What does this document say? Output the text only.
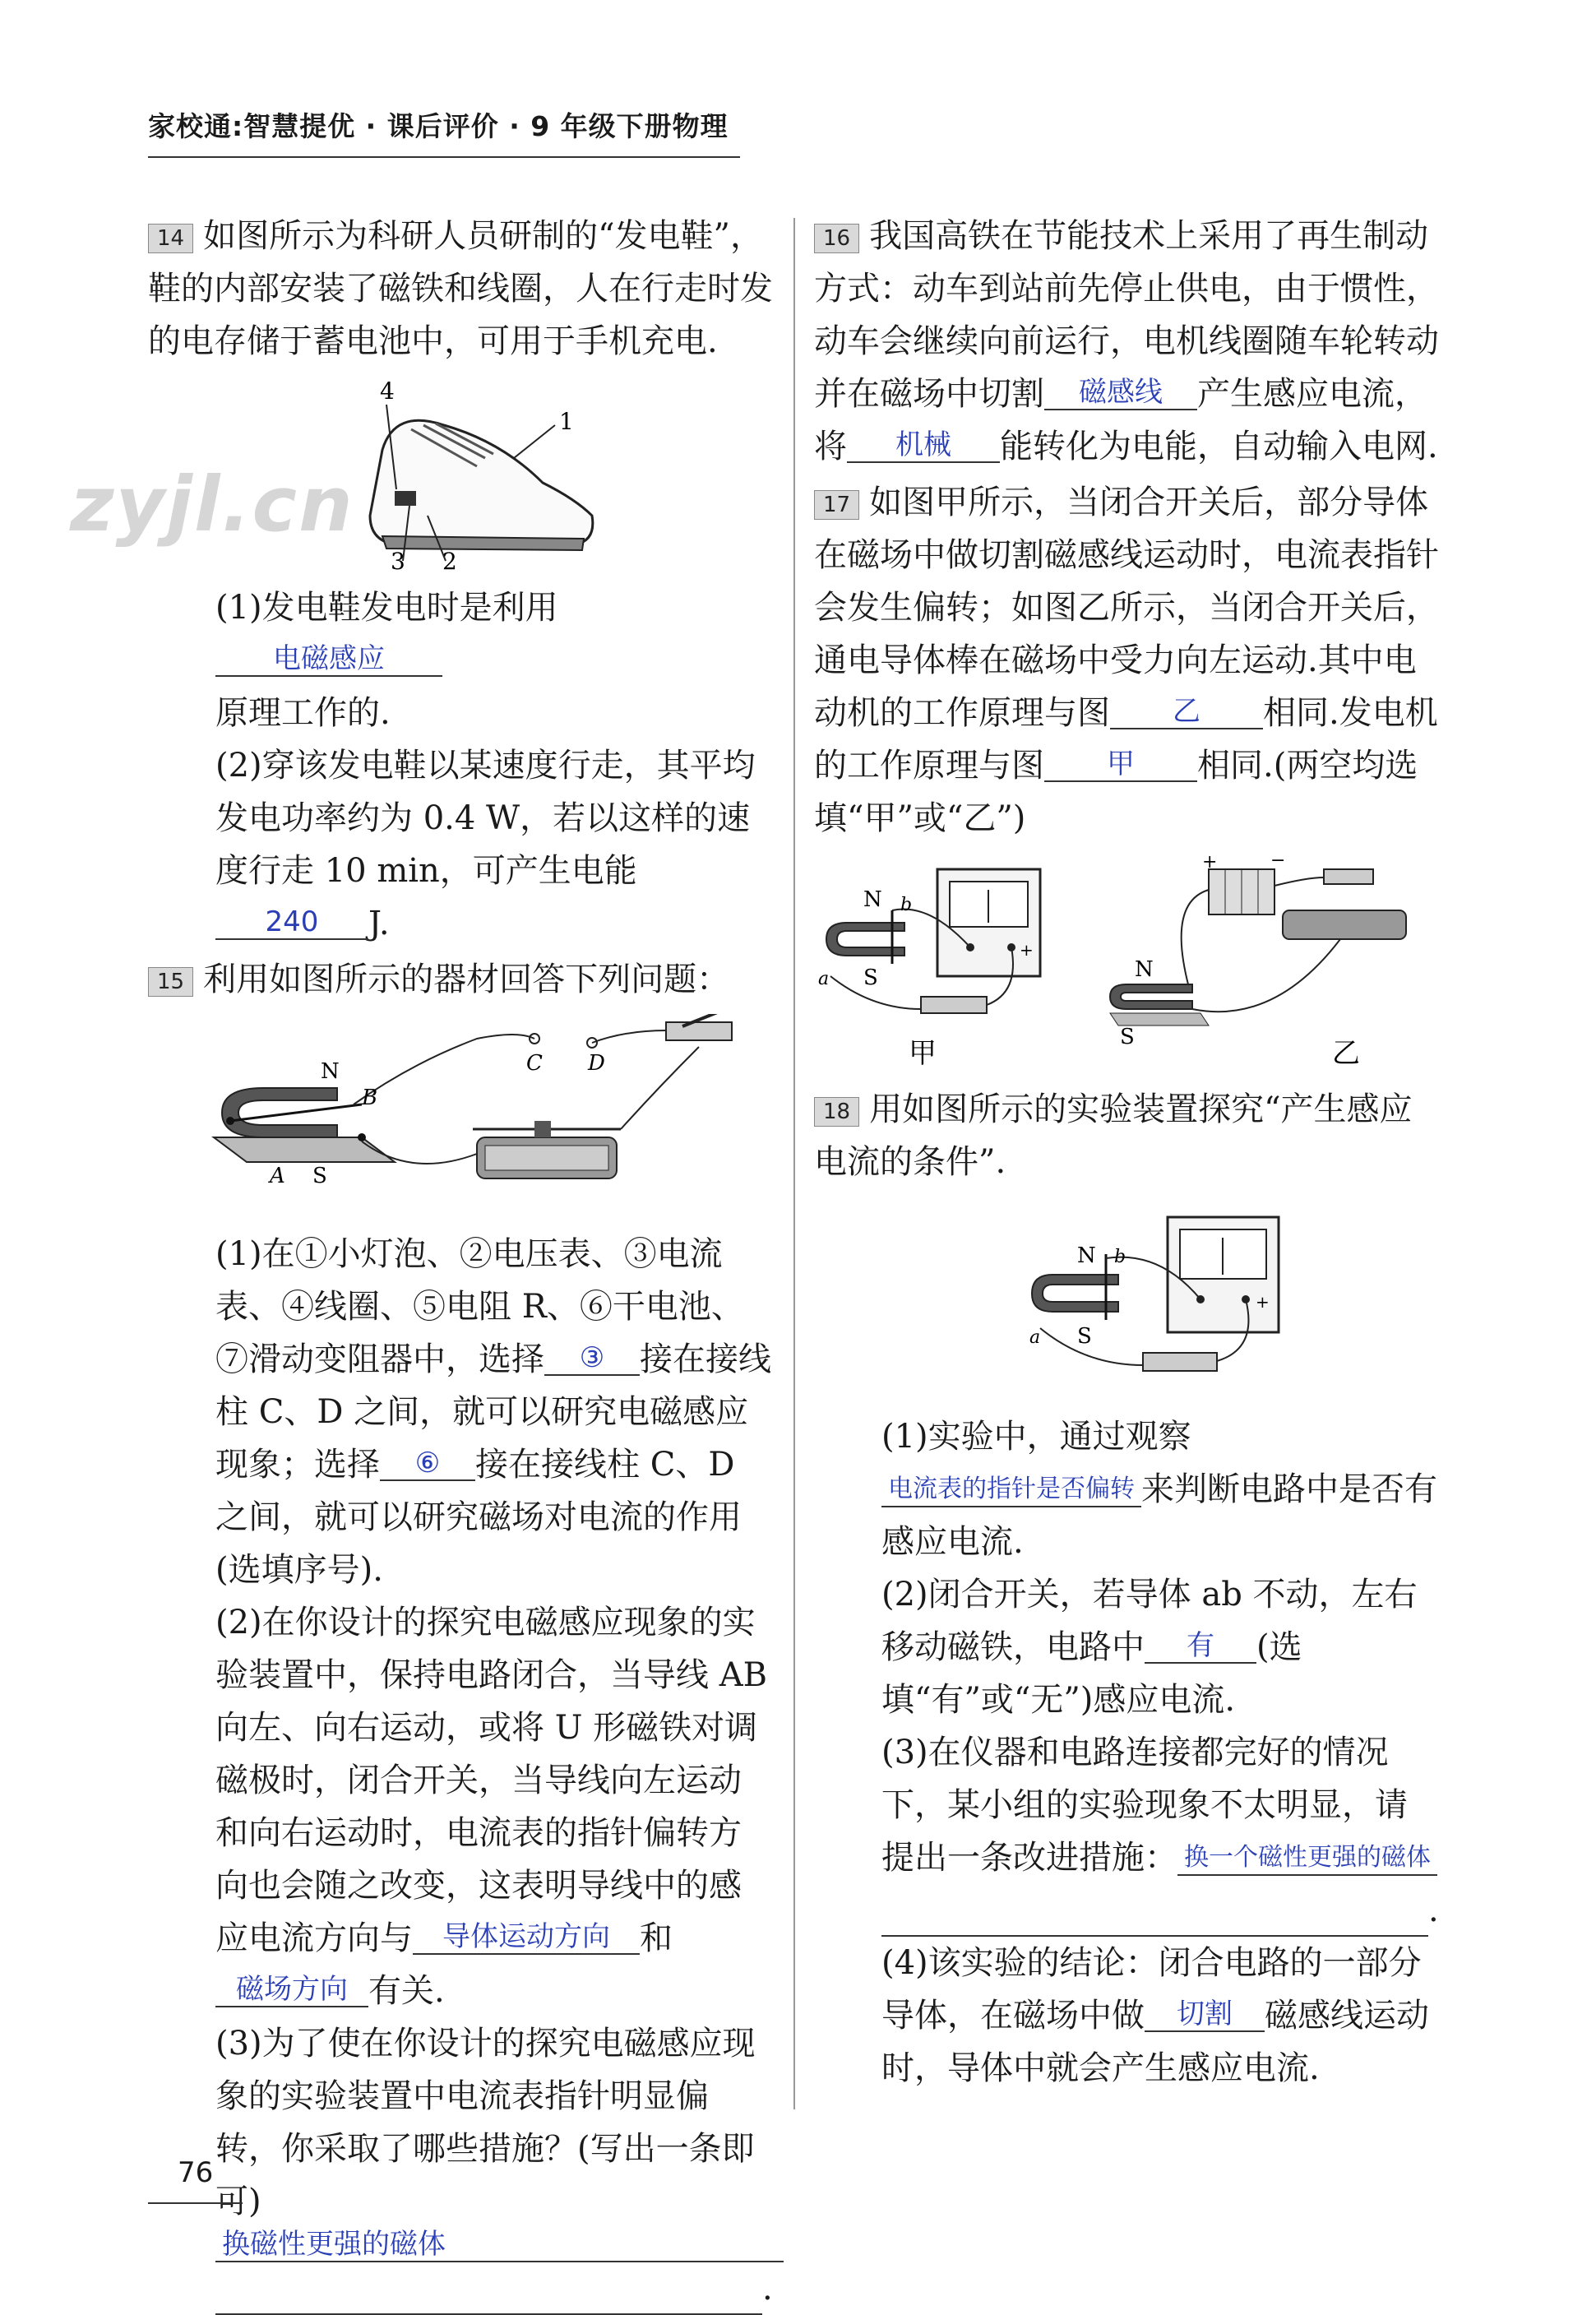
家校通:智慧提优 · 课后评价 · 9 年级下册物理
zyjl.cn

14 如图所示为科研人员研制的“发电鞋”，鞋的内部安装了磁铁和线圈，人在行走时发的电存储于蓄电池中，可用于手机充电.

4
1
3 2

(1)发电鞋发电时是利用电磁感应

原理工作的.

(2)穿该发电鞋以某速度行走，其平均发电功率约为 0.4 W，若以这样的速度行走 10 min，可产生电能240 J.

15 利用如图所示的器材回答下列问题：

N
B
A S
C D

(1)在①小灯泡、②电压表、③电流表、④线圈、⑤电阻 R、⑥干电池、⑦滑动变阻器中，选择 ③ 接在接线柱 C、D 之间，就可以研究电磁感应现象；选择 ⑥ 接在接线柱 C、D 之间，就可以研究磁场对电流的作用(选填序号).

(2)在你设计的探究电磁感应现象的实验装置中，保持电路闭合，当导线 AB 向左、向右运动，或将 U 形磁铁对调磁极时，闭合开关，当导线向左运动和向右运动时，电流表的指针偏转方向也会随之改变，这表明导线中的感应电流方向与 导体运动方向 和磁场方向 有关.

(3)为了使在你设计的探究电磁感应现象的实验装置中电流表指针明显偏转，你采取了哪些措施？(写出一条即可)

换磁性更强的磁体

.

16 我国高铁在节能技术上采用了再生制动方式：动车到站前先停止供电，由于惯性，动车会继续向前运行，电机线圈随车轮转动并在磁场中切割 磁感线 产生感应电流，将 机械 能转化为电能，自动输入电网.

17 如图甲所示，当闭合开关后，部分导体在磁场中做切割磁感线运动时，电流表指针会发生偏转；如图乙所示，当闭合开关后，通电导体棒在磁场中受力向左运动.其中电动机的工作原理与图 乙 相同.发电机的工作原理与图 甲 相同.(两空均选填“甲”或“乙”)

N b
a S
+
甲
+	−
N
S	乙

18 用如图所示的实验装置探究“产生感应电流的条件”.

+
N b
a S

(1)实验中，通过观察电流表的指针是否偏转 来判断电路中是否有感应电流.

(2)闭合开关，若导体 ab 不动，左右移动磁铁，电路中 有 (选填“有”或“无”)感应电流.

(3)在仪器和电路连接都完好的情况下，某小组的实验现象不太明显，请提出一条改进措施： 换一个磁性更强的磁体

.

(4)该实验的结论：闭合电路的一部分导体，在磁场中做 切割 磁感线运动时，导体中就会产生感应电流.

76
